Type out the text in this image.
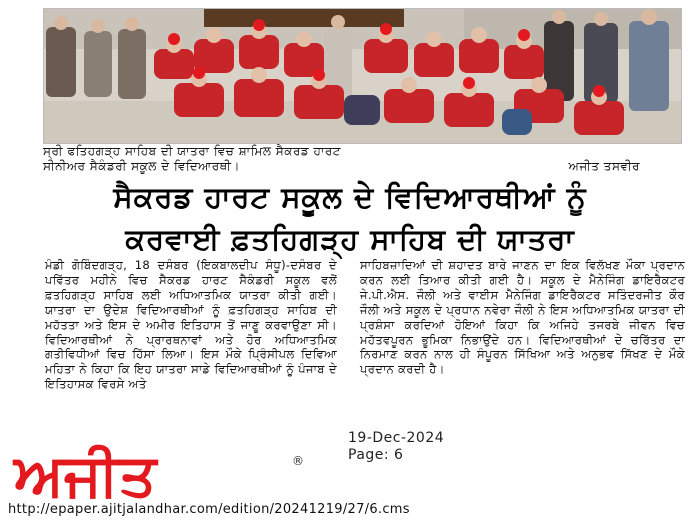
ਸ੍ਰੀ ਫਤਿਹਗੜ੍ਹ ਸਾਹਿਬ ਦੀ ਯਾਤਰਾ ਵਿਚ ਸ਼ਾਮਿਲ ਸੈਕਰਡ ਹਾਰਟ
ਸੀਨੀਅਰ ਸੈਕੰਡਰੀ ਸਕੂਲ ਦੇ ਵਿਦਿਆਰਥੀ।	ਅਜੀਤ ਤਸਵੀਰ
ਸੈਕਰਡ ਹਾਰਟ ਸਕੂਲ ਦੇ ਵਿਦਿਆਰਥੀਆਂ ਨੂੰ
ਕਰਵਾਈ ਫ਼ਤਹਿਗੜ੍ਹ ਸਾਹਿਬ ਦੀ ਯਾਤਰਾ

ਮੰਡੀ ਗੋਬਿੰਦਗੜ੍ਹ, 18 ਦਸੰਬਰ (ਇਕਬਾਲਦੀਪ ਸੰਧੂ)-ਦਸੰਬਰ ਦੇ ਪਵਿੱਤਰ ਮਹੀਨੇ ਵਿਚ ਸੈਕਰਡ ਹਾਰਟ ਸੈਕੰਡਰੀ ਸਕੂਲ ਵਲੋਂ ਫ਼ਤਹਿਗੜ੍ਹ ਸਾਹਿਬ ਲਈ ਅਧਿਆਤਮਿਕ ਯਾਤਰਾ ਕੀਤੀ ਗਈ। ਯਾਤਰਾ ਦਾ ਉਦੇਸ਼ ਵਿਦਿਆਰਥੀਆਂ ਨੂੰ ਫ਼ਤਹਿਗੜ੍ਹ ਸਾਹਿਬ ਦੀ ਮਹੱਤਤਾ ਅਤੇ ਇਸ ਦੇ ਅਮੀਰ ਇਤਿਹਾਸ ਤੋਂ ਜਾਣੂ ਕਰਵਾਉਣਾ ਸੀ। ਵਿਦਿਆਰਥੀਆਂ ਨੇ ਪ੍ਰਾਰਥਨਾਵਾਂ ਅਤੇ ਹੋਰ ਅਧਿਆਤਮਿਕ ਗਤੀਵਿਧੀਆਂ ਵਿਚ ਹਿੱਸਾ ਲਿਆ। ਇਸ ਮੌਕੇ ਪ੍ਰਿੰਸੀਪਲ ਦਿਵਿਆ ਮਹਿਤਾ ਨੇ ਕਿਹਾ ਕਿ ਇਹ ਯਾਤਰਾ ਸਾਡੇ ਵਿਦਿਆਰਥੀਆਂ ਨੂੰ ਪੰਜਾਬ ਦੇ ਇਤਿਹਾਸਕ ਵਿਰਸੇ ਅਤੇ

ਸਾਹਿਬਜ਼ਾਦਿਆਂ ਦੀ ਸ਼ਹਾਦਤ ਬਾਰੇ ਜਾਣਨ ਦਾ ਇਕ ਵਿਲੱਖਣ ਮੌਕਾ ਪ੍ਰਦਾਨ ਕਰਨ ਲਈ ਤਿਆਰ ਕੀਤੀ ਗਈ ਹੈ। ਸਕੂਲ ਦੇ ਮੈਨੇਜਿੰਗ ਡਾਇਰੈਕਟਰ ਜੇ.ਪੀ.ਐਸ. ਜੌਲੀ ਅਤੇ ਵਾਈਸ ਮੈਨੇਜਿੰਗ ਡਾਇਰੈਕਟਰ ਸਤਿੰਦਰਜੀਤ ਕੌਰ ਜੌਲੀ ਅਤੇ ਸਕੂਲ ਦੇ ਪ੍ਰਧਾਨ ਨਵੇਰਾ ਜੌਲੀ ਨੇ ਇਸ ਅਧਿਆਤਮਿਕ ਯਾਤਰਾ ਦੀ ਪ੍ਰਸ਼ੰਸਾ ਕਰਦਿਆਂ ਹੋਇਆਂ ਕਿਹਾ ਕਿ ਅਜਿਹੇ ਤਜਰਬੇ ਜੀਵਨ ਵਿਚ ਮਹੱਤਵਪੂਰਨ ਭੂਮਿਕਾ ਨਿਭਾਉਂਦੇ ਹਨ। ਵਿਦਿਆਰਥੀਆਂ ਦੇ ਚਰਿੱਤਰ ਦਾ ਨਿਰਮਾਣ ਕਰਨ ਨਾਲ ਹੀ ਸੰਪੂਰਨ ਸਿੱਖਿਆ ਅਤੇ ਅਨੁਭਵ ਸਿੱਖਣ ਦੇ ਮੌਕੇ ਪ੍ਰਦਾਨ ਕਰਦੀ ਹੈ।

19-Dec-2024
Page: 6
ਅਜੀਤ	®
http://epaper.ajitjalandhar.com/edition/20241219/27/6.cms
